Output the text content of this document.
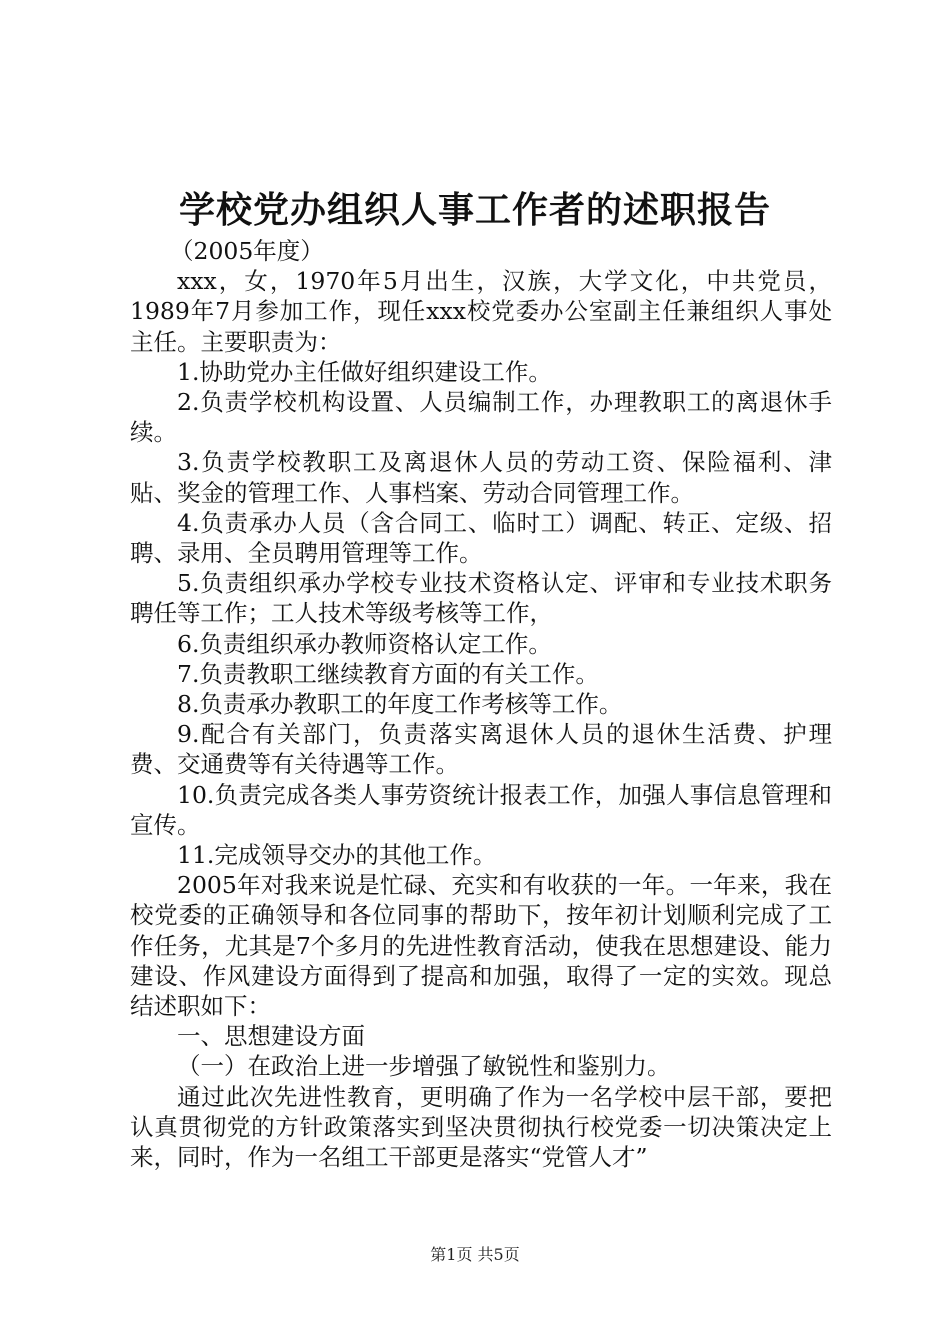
学校党办组织人事工作者的述职报告

（2005年度）

xxx，女，1970年5月出生，汉族，大学文化，中共党员，1989年7月参加工作，现任xxx校党委办公室副主任兼组织人事处主任。主要职责为：

1.协助党办主任做好组织建设工作。

2.负责学校机构设置、人员编制工作，办理教职工的离退休手续。

3.负责学校教职工及离退休人员的劳动工资、保险福利、津贴、奖金的管理工作、人事档案、劳动合同管理工作。

4.负责承办人员（含合同工、临时工）调配、转正、定级、招聘、录用、全员聘用管理等工作。

5.负责组织承办学校专业技术资格认定、评审和专业技术职务聘任等工作；工人技术等级考核等工作，

6.负责组织承办教师资格认定工作。

7.负责教职工继续教育方面的有关工作。

8.负责承办教职工的年度工作考核等工作。

9.配合有关部门，负责落实离退休人员的退休生活费、护理费、交通费等有关待遇等工作。

10.负责完成各类人事劳资统计报表工作，加强人事信息管理和宣传。

11.完成领导交办的其他工作。

2005年对我来说是忙碌、充实和有收获的一年。一年来，我在校党委的正确领导和各位同事的帮助下，按年初计划顺利完成了工作任务，尤其是7个多月的先进性教育活动，使我在思想建设、能力建设、作风建设方面得到了提高和加强，取得了一定的实效。现总结述职如下：

一、思想建设方面

（一）在政治上进一步增强了敏锐性和鉴别力。

通过此次先进性教育，更明确了作为一名学校中层干部，要把认真贯彻党的方针政策落实到坚决贯彻执行校党委一切决策决定上来，同时，作为一名组工干部更是落实“党管人才”

第1页 共5页
